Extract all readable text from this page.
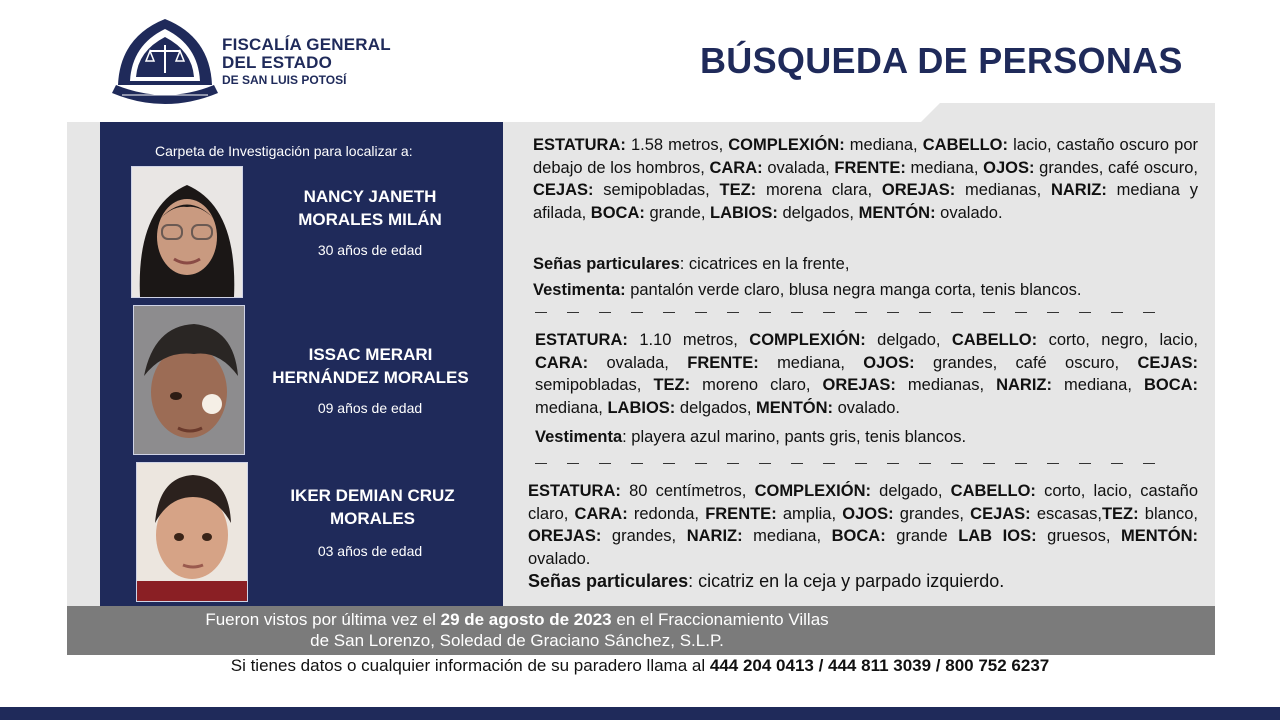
FISCALÍA GENERAL
DEL ESTADO
DE SAN LUIS POTOSÍ	BÚSQUEDA DE PERSONAS
Carpeta de Investigación para localizar a:
NANCY JANETH
MORALES MILÁN
30 años de edad
ISSAC MERARI
HERNÁNDEZ MORALES
09 años de edad
IKER DEMIAN CRUZ
MORALES
03 años de edad
ESTATURA: 1.58 metros, COMPLEXIÓN: mediana, CABELLO: lacio, castaño oscuro por debajo de los hombros, CARA: ovalada, FRENTE: mediana, OJOS: grandes, café oscuro, CEJAS: semipobladas, TEZ: morena clara, OREJAS: medianas, NARIZ: mediana y afilada, BOCA: grande, LABIOS: delgados, MENTÓN: ovalado.
Señas particulares: cicatrices en la frente,
Vestimenta: pantalón verde claro, blusa negra manga corta, tenis blancos.
ESTATURA: 1.10 metros, COMPLEXIÓN: delgado, CABELLO: corto, negro, lacio, CARA: ovalada, FRENTE: mediana, OJOS: grandes, café oscuro, CEJAS: semipobladas, TEZ: moreno claro, OREJAS: medianas, NARIZ: mediana, BOCA: mediana, LABIOS: delgados, MENTÓN: ovalado.
Vestimenta: playera azul marino, pants gris, tenis blancos.
ESTATURA: 80 centímetros, COMPLEXIÓN: delgado, CABELLO: corto, lacio, castaño claro, CARA: redonda, FRENTE: amplia, OJOS: grandes, CEJAS: escasas,TEZ: blanco, OREJAS: grandes, NARIZ: mediana, BOCA: grande LAB IOS: gruesos, MENTÓN: ovalado.
Señas particulares: cicatriz en la ceja y parpado izquierdo.
Fueron vistos por última vez el 29 de agosto de 2023 en el Fraccionamiento Villas
de San Lorenzo, Soledad de Graciano Sánchez, S.L.P.
Si tienes datos o cualquier información de su paradero llama al 444 204 0413 / 444 811 3039 / 800 752 6237
